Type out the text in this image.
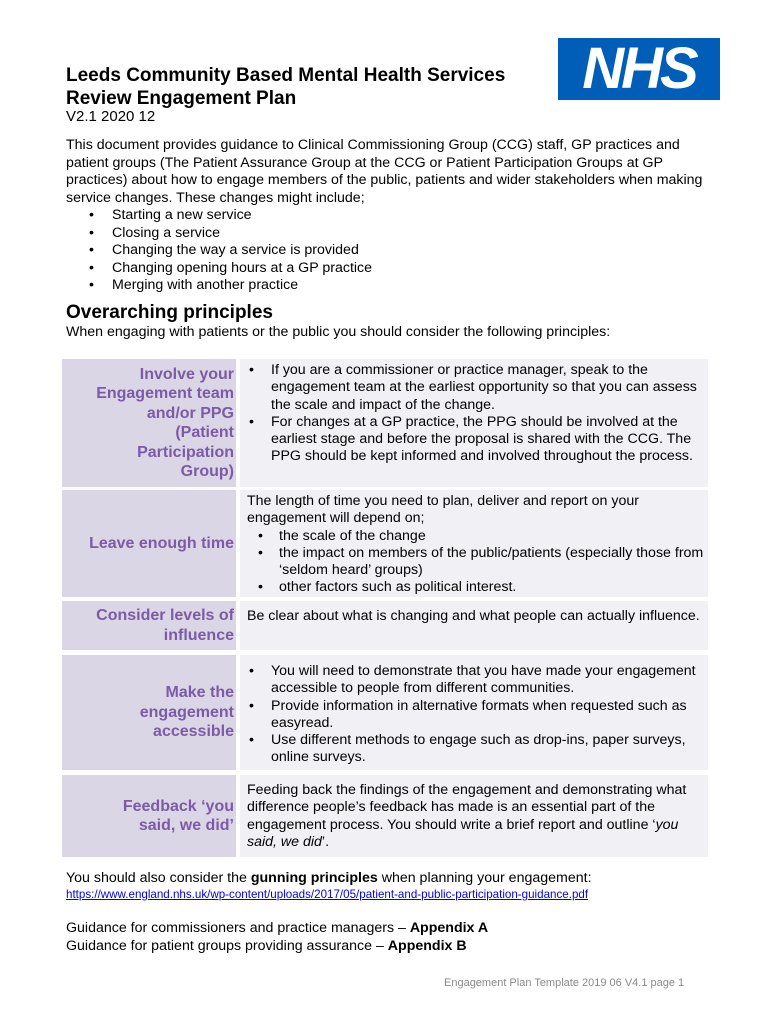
NHS
Leeds Community Based Mental Health Services
Review Engagement Plan
V2.1 2020 12

This document provides guidance to Clinical Commissioning Group (CCG) staff, GP practices and patient groups (The Patient Assurance Group at the CCG or Patient Participation Groups at GP practices) about how to engage members of the public, patients and wider stakeholders when making service changes. These changes might include;

• Starting a new service
• Closing a service
• Changing the way a service is provided
• Changing opening hours at a GP practice
• Merging with another practice
Overarching principles
When engaging with patients or the public you should consider the following principles:
Involve your
Engagement team
and/or PPG
(Patient
Participation
Group)
• If you are a commissioner or practice manager, speak to the engagement team at the earliest opportunity so that you can assess the scale and impact of the change.
• For changes at a GP practice, the PPG should be involved at the earliest stage and before the proposal is shared with the CCG. The PPG should be kept informed and involved throughout the process.
Leave enough time

The length of time you need to plan, deliver and report on your engagement will depend on;

• the scale of the change
• the impact on members of the public/patients (especially those from ‘seldom heard’ groups)
• other factors such as political interest.
Consider levels of
influence

Be clear about what is changing and what people can actually influence.

Make the
engagement
accessible
• You will need to demonstrate that you have made your engagement accessible to people from different communities.
• Provide information in alternative formats when requested such as easyread.
• Use different methods to engage such as drop-ins, paper surveys, online surveys.
Feedback ‘you
said, we did’

Feeding back the findings of the engagement and demonstrating what difference people’s feedback has made is an essential part of the engagement process. You should write a brief report and outline ‘you said, we did’.

You should also consider the gunning principles when planning your engagement:
https://www.england.nhs.uk/wp-content/uploads/2017/05/patient-and-public-participation-guidance.pdf
Guidance for commissioners and practice managers – Appendix A
Guidance for patient groups providing assurance – Appendix B
Engagement Plan Template 2019 06 V4.1 page 1
